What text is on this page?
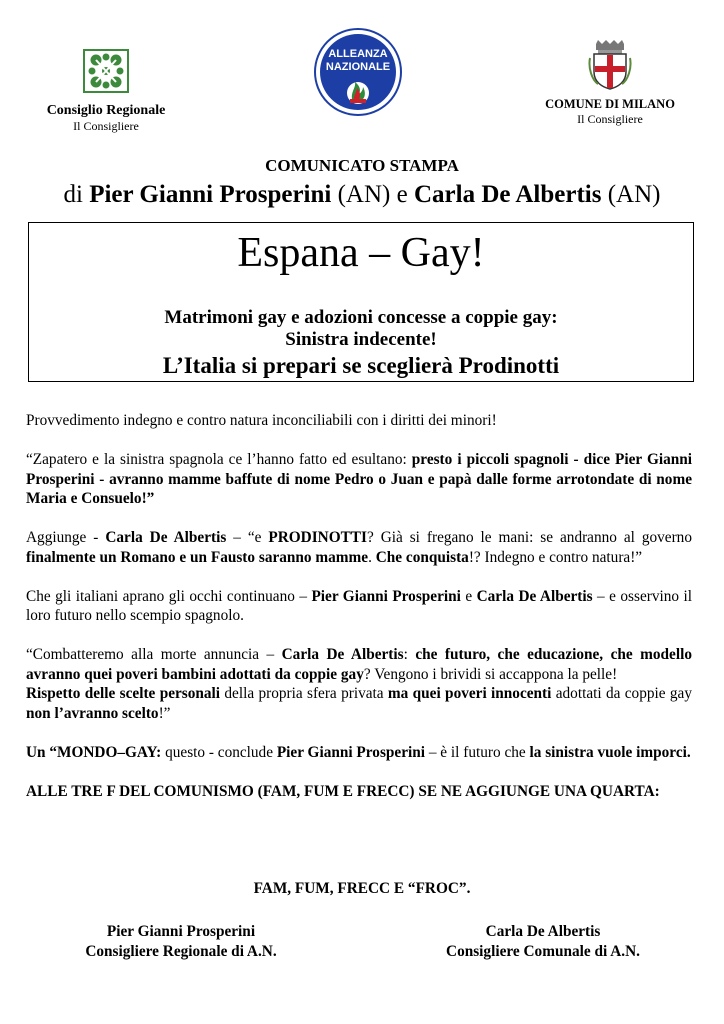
Consiglio Regionale
Il Consigliere
ALLEANZA
NAZIONALE
COMUNE DI MILANO
Il Consigliere
COMUNICATO STAMPA
di Pier Gianni Prosperini (AN) e Carla De Albertis (AN)
Espana – Gay!
Matrimoni gay e adozioni concesse a coppie gay:
Sinistra indecente!
L’Italia si prepari se sceglierà Prodinotti

Provvedimento indegno e contro natura inconciliabili con i diritti dei minori!

“Zapatero e la sinistra spagnola ce l’hanno fatto ed esultano: presto i piccoli spagnoli - dice Pier Gianni Prosperini - avranno mamme baffute di nome Pedro o Juan e papà dalle forme arrotondate di nome Maria e Consuelo!”

Aggiunge - Carla De Albertis – “e PRODINOTTI? Già si fregano le mani: se andranno al governo finalmente un Romano e un Fausto saranno mamme. Che conquista!? Indegno e contro natura!”

Che gli italiani aprano gli occhi continuano – Pier Gianni Prosperini e Carla De Albertis – e osservino il loro futuro nello scempio spagnolo.

“Combatteremo alla morte annuncia – Carla De Albertis: che futuro, che educazione, che modello avranno quei poveri bambini adottati da coppie gay? Vengono i brividi si accappona la pelle!

Rispetto delle scelte personali della propria sfera privata ma quei poveri innocenti adottati da coppie gay non l’avranno scelto!”

Un “MONDO–GAY: questo - conclude Pier Gianni Prosperini – è il futuro che la sinistra vuole imporci.

ALLE TRE F DEL COMUNISMO (FAM, FUM E FRECC) SE NE AGGIUNGE UNA QUARTA:

FAM, FUM, FRECC E “FROC”.
Pier Gianni Prosperini
Consigliere Regionale di A.N.
Carla De Albertis
Consigliere Comunale di A.N.
